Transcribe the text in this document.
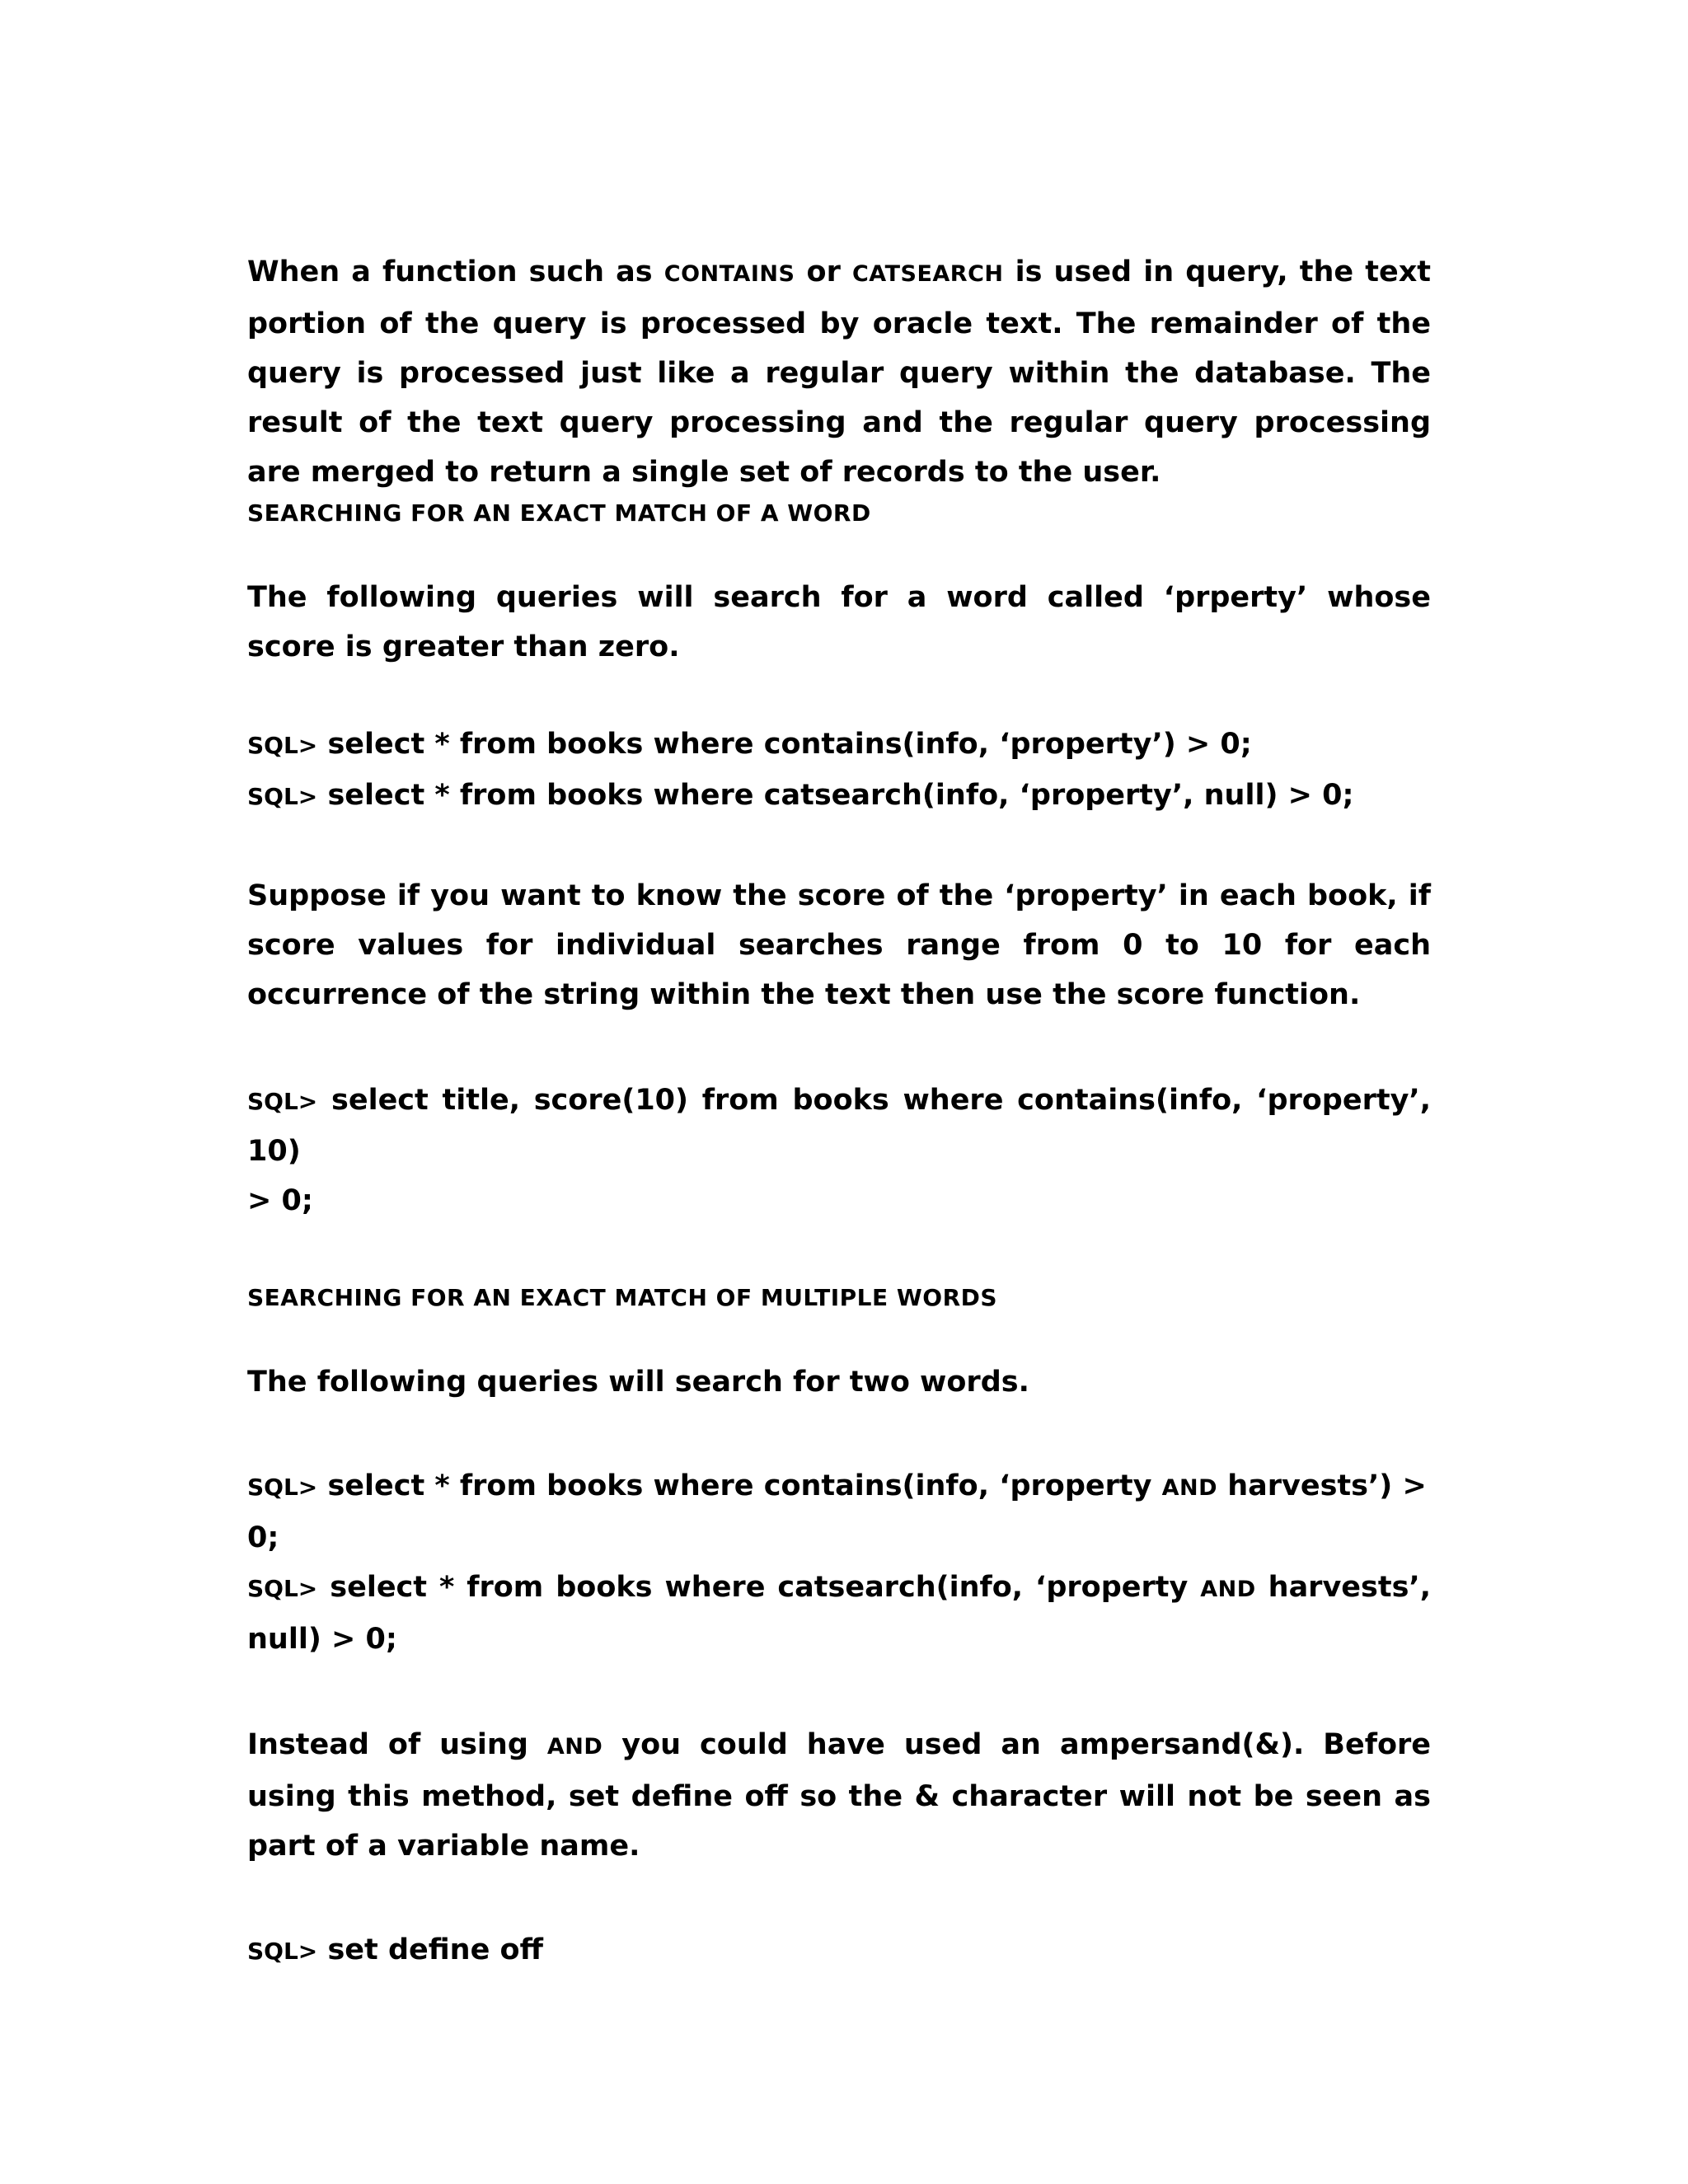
When a function such as CONTAINS or CATSEARCH is used in query, the text portion of the query is processed by oracle text. The remainder of the query is processed just like a regular query within the database. The result of the text query processing and the regular query processing are merged to return a single set of records to the user.

SEARCHING FOR AN EXACT MATCH OF A WORD

The following queries will search for a word called ‘prperty’ whose score is greater than zero.

SQL> select * from books where contains(info, ‘property’) > 0;

SQL> select * from books where catsearch(info, ‘property’, null) > 0;

Suppose if you want to know the score of the ‘property’ in each book, if score values for individual searches range from 0 to 10 for each occurrence of the string within the text then use the score function.

SQL> select title, score(10) from books where contains(info, ‘property’, 10)

> 0;

SEARCHING FOR AN EXACT MATCH OF MULTIPLE WORDS

The following queries will search for two words.

SQL> select * from books where contains(info, ‘property AND harvests’) > 0;

SQL> select * from books where catsearch(info, ‘property AND harvests’,

null) > 0;

Instead of using AND you could have used an ampersand(&). Before using this method, set define off so the & character will not be seen as part of a variable name.

SQL> set define off
